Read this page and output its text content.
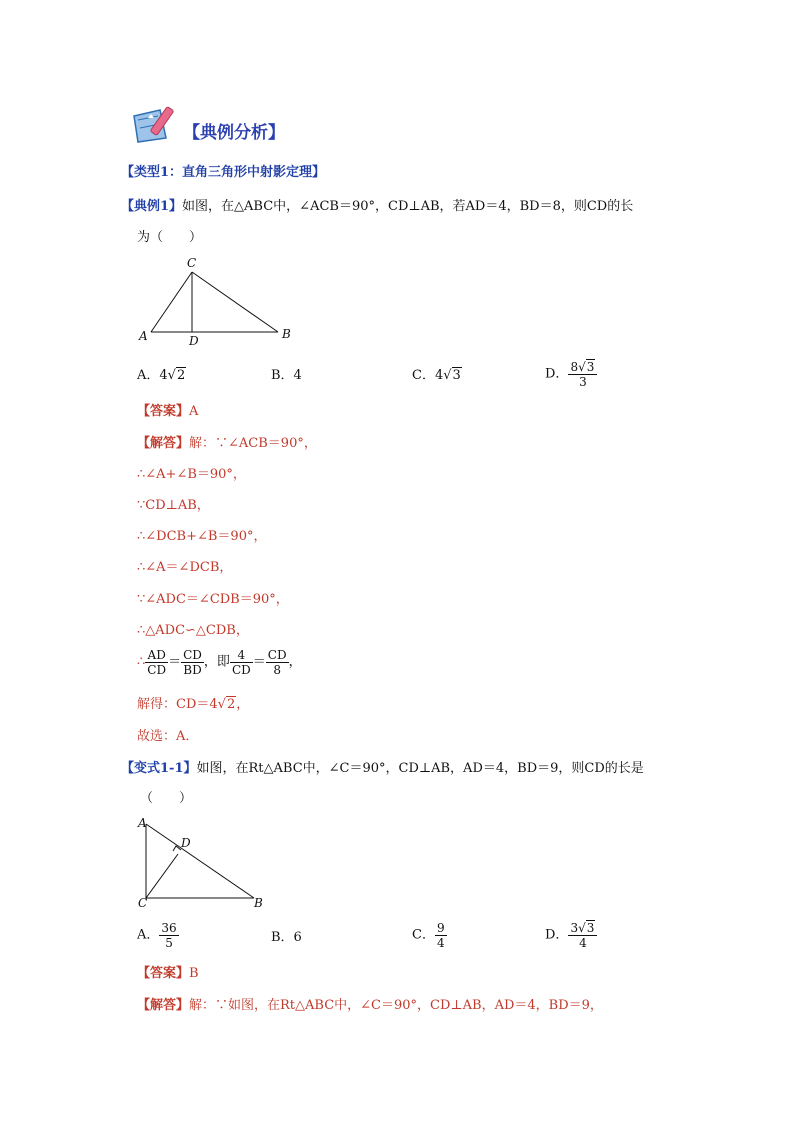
【典例分析】
【类型1：直角三角形中射影定理】
【典例1】如图，在△ABC中，∠ACB＝90°，CD⊥AB，若AD＝4，BD＝8，则CD的长
为（　　）
C
A	D	B
A．4√2	B．4	C．4√3	D． $\frac{8√3}{3}$
【答案】A
【解答】解：∵∠ACB＝90°，
∴∠A+∠B＝90°，
∵CD⊥AB，
∴∠DCB+∠B＝90°，
∴∠A＝∠DCB，
∵∠ADC＝∠CDB＝90°，
∴△ADC∽△CDB，
∴ $\frac{AD}{CD} = \frac{CD}{BD}$ ，即 $\frac{4}{CD} = \frac{CD}{8}$ ，
解得：CD＝4√2，
故选：A．
【变式1-1】如图，在Rt△ABC中，∠C＝90°，CD⊥AB，AD＝4，BD＝9，则CD的长是
（　　）
A
D
C	B
A． $\frac{36}{5}$	B．6	C． $\frac{9}{4}$	D． $\frac{3√3}{4}$
【答案】B
【解答】解：∵如图，在Rt△ABC中，∠C＝90°，CD⊥AB，AD＝4，BD＝9，
